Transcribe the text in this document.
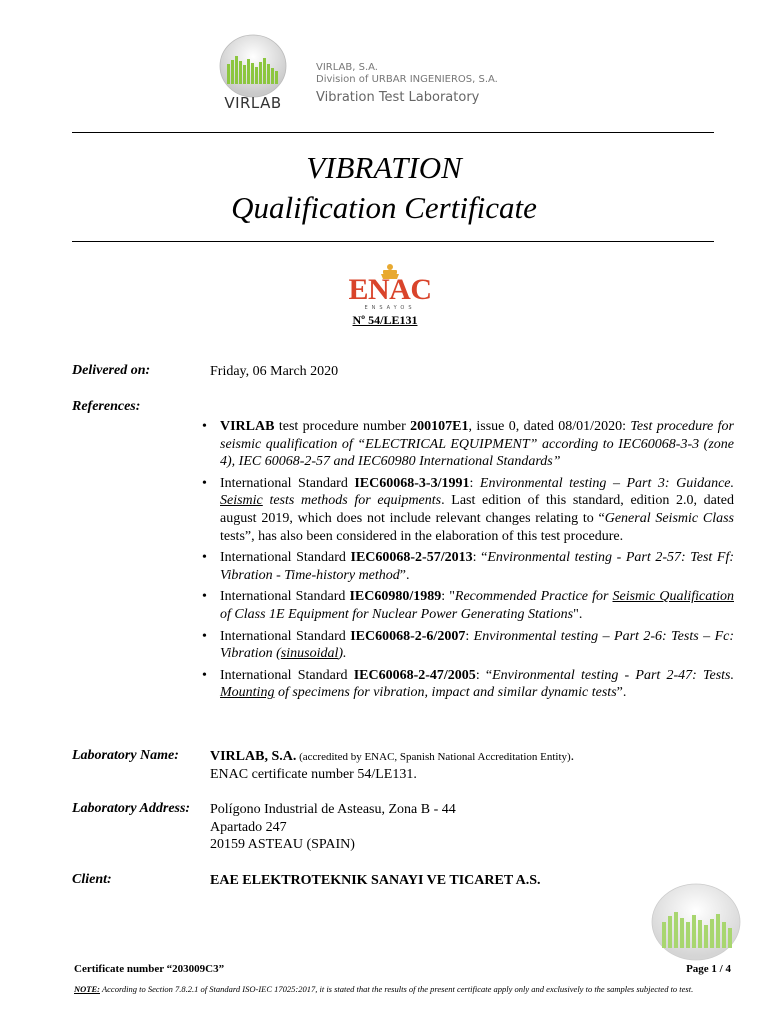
VIRLAB
VIRLAB, S.A.
Division of URBAR INGENIEROS, S.A.
Vibration Test Laboratory
VIBRATION
Qualification Certificate
ENAC
ENSAYOS
Nº 54/LE131
Delivered on:	Friday, 06 March 2020
References:
• VIRLAB test procedure number 200107E1, issue 0, dated 08/01/2020: Test procedure for seismic qualification of “ELECTRICAL EQUIPMENT” according to IEC60068-3-3 (zone 4), IEC 60068-2-57 and IEC60980 International Standards”
• International Standard IEC60068-3-3/1991: Environmental testing – Part 3: Guidance. Seismic tests methods for equipments. Last edition of this standard, edition 2.0, dated august 2019, which does not include relevant changes relating to “General Seismic Class tests”, has also been considered in the elaboration of this test procedure.
• International Standard IEC60068-2-57/2013: “Environmental testing - Part 2-57: Test Ff: Vibration - Time-history method”.
• International Standard IEC60980/1989: "Recommended Practice for Seismic Qualification of Class 1E Equipment for Nuclear Power Generating Stations".
• International Standard IEC60068-2-6/2007: Environmental testing – Part 2-6: Tests – Fc: Vibration (sinusoidal).
• International Standard IEC60068-2-47/2005: “Environmental testing - Part 2-47: Tests. Mounting of specimens for vibration, impact and similar dynamic tests”.
Laboratory Name: VIRLAB, S.A. (accredited by ENAC, Spanish National Accreditation Entity).
ENAC certificate number 54/LE131.
Laboratory Address: Polígono Industrial de Asteasu, Zona B - 44
Apartado 247
20159 ASTEAU (SPAIN)
Client:	EAE ELEKTROTEKNIK SANAYI VE TICARET A.S.
Certificate number “203009C3”	Page 1 / 4
NOTE: According to Section 7.8.2.1 of Standard ISO-IEC 17025:2017, it is stated that the results of the present certificate apply only and exclusively to the samples subjected to test.
